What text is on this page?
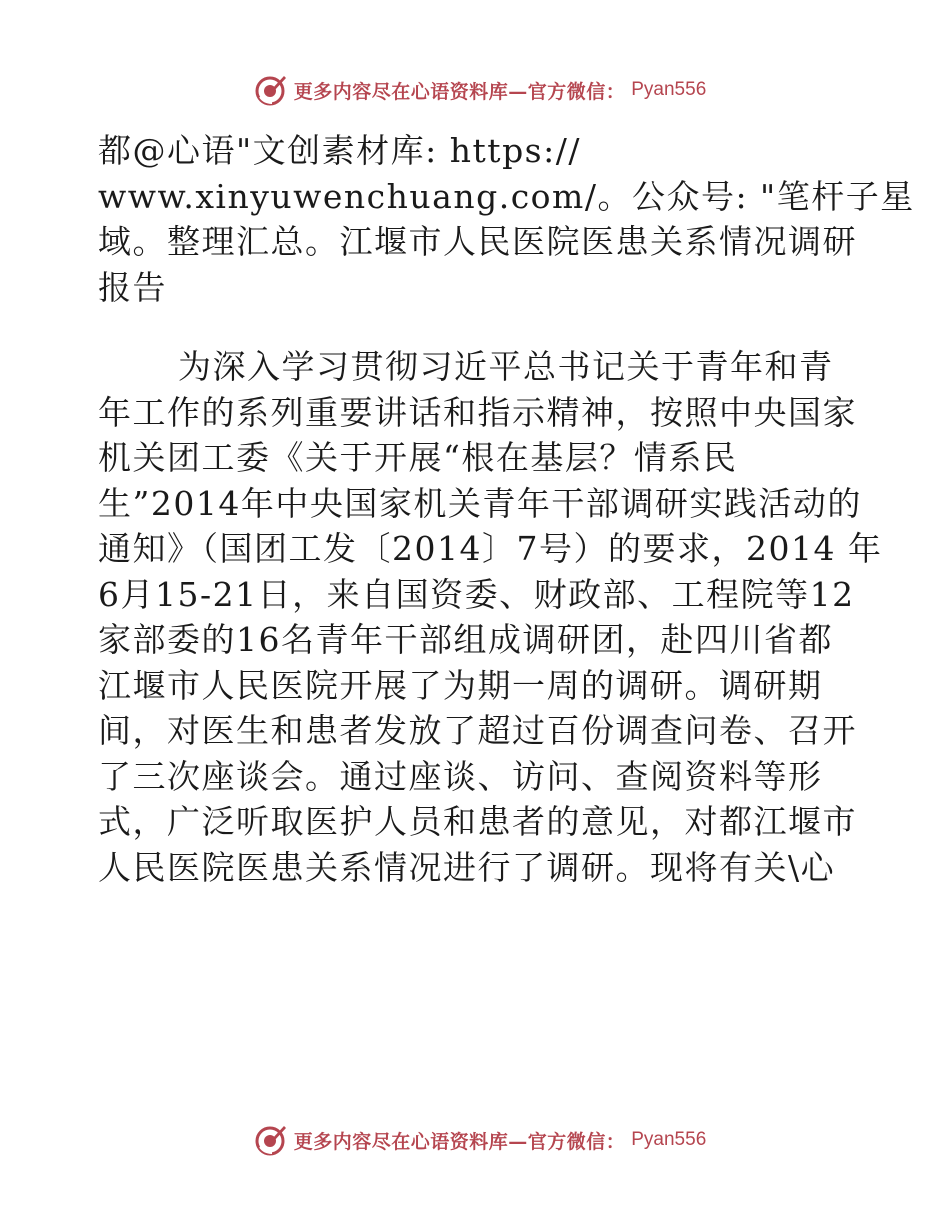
更多内容尽在心语资料库—官方微信： Pyan556

都@心语"文创素材库: https://

www.xinyuwenchuang.com/。公众号: "笔杆子星

域。整理汇总。江堰市人民医院医患关系情况调研

报告

为深入学习贯彻习近平总书记关于青年和青

年工作的系列重要讲话和指示精神，按照中央国家

机关团工委《关于开展“根在基层？情系民

生”2014年中央国家机关青年干部调研实践活动的

通知》（国团工发〔2014〕7号）的要求，2014 年

6月15-21日，来自国资委、财政部、工程院等12

家部委的16名青年干部组成调研团，赴四川省都

江堰市人民医院开展了为期一周的调研。调研期

间，对医生和患者发放了超过百份调查问卷、召开

了三次座谈会。通过座谈、访问、查阅资料等形

式，广泛听取医护人员和患者的意见，对都江堰市

人民医院医患关系情况进行了调研。现将有关\心

更多内容尽在心语资料库—官方微信： Pyan556
